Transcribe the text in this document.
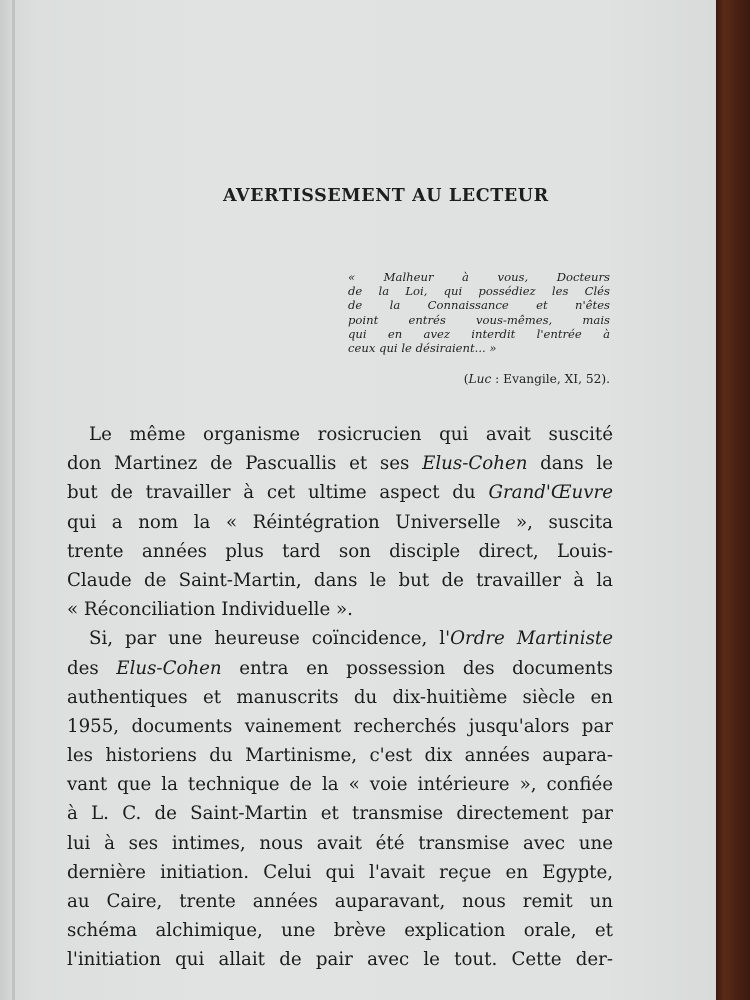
AVERTISSEMENT AU LECTEUR
« Malheur à vous, Docteurs
de la Loi, qui possédiez les Clés
de la Connaissance et n'êtes
point entrés vous-mêmes, mais
qui en avez interdit l'entrée à
ceux qui le désiraient... »
(Luc : Evangile, XI, 52).
Le même organisme rosicrucien qui avait suscité
don Martinez de Pascuallis et ses Elus-Cohen dans le
but de travailler à cet ultime aspect du Grand'Œuvre
qui a nom la « Réintégration Universelle », suscita
trente années plus tard son disciple direct, Louis-
Claude de Saint-Martin, dans le but de travailler à la
« Réconciliation Individuelle ».
Si, par une heureuse coïncidence, l'Ordre Martiniste
des Elus-Cohen entra en possession des documents
authentiques et manuscrits du dix-huitième siècle en
1955, documents vainement recherchés jusqu'alors par
les historiens du Martinisme, c'est dix années aupara-
vant que la technique de la « voie intérieure », confiée
à L. C. de Saint-Martin et transmise directement par
lui à ses intimes, nous avait été transmise avec une
dernière initiation. Celui qui l'avait reçue en Egypte,
au Caire, trente années auparavant, nous remit un
schéma alchimique, une brève explication orale, et
l'initiation qui allait de pair avec le tout. Cette der-
